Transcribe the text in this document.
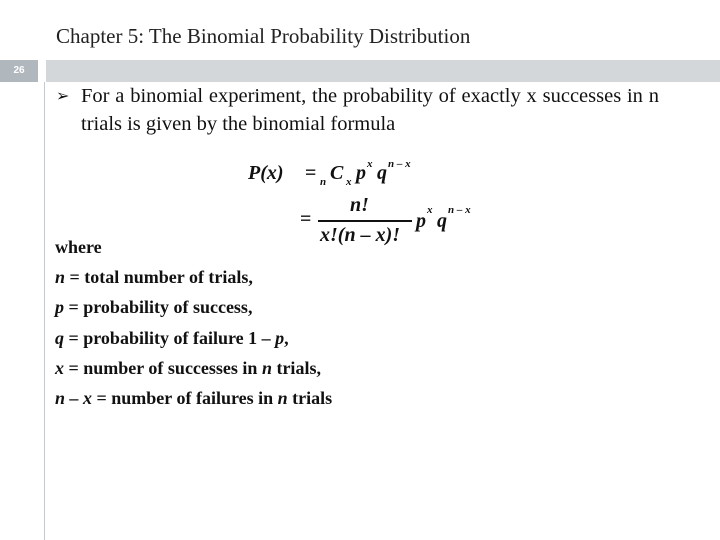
Chapter 5: The Binomial Probability Distribution
26
➢ For a binomial experiment, the probability of exactly x successes in n trials is given by the binomial formula
P(x) = n C x p x q n – x
=
n!
x!(n – x)!
p x q n – x
where
n = total number of trials,
p = probability of success,
q = probability of failure 1 – p,
x = number of successes in n trials,
n – x = number of failures in n trials
